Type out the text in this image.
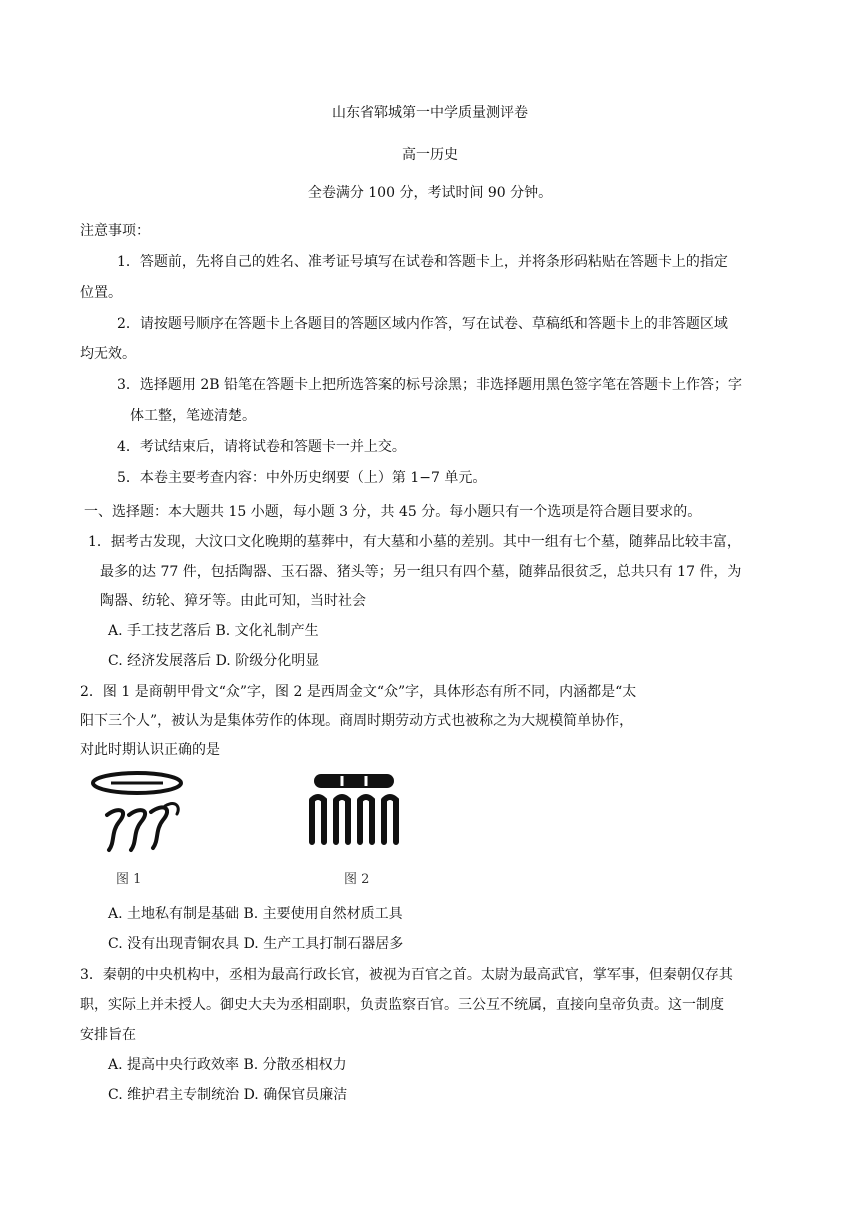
山东省郓城第一中学质量测评卷
高一历史
全卷满分 100 分，考试时间 90 分钟。
注意事项：
1．答题前，先将自己的姓名、准考证号填写在试卷和答题卡上，并将条形码粘贴在答题卡上的指定
位置。
2．请按题号顺序在答题卡上各题目的答题区域内作答，写在试卷、草稿纸和答题卡上的非答题区域
均无效。
3．选择题用 2B 铅笔在答题卡上把所选答案的标号涂黑；非选择题用黑色签字笔在答题卡上作答；字
体工整，笔迹清楚。
4．考试结束后，请将试卷和答题卡一并上交。
5．本卷主要考查内容：中外历史纲要（上）第 1−7 单元。
一、选择题：本大题共 15 小题，每小题 3 分，共 45 分。每小题只有一个选项是符合题目要求的。
1．据考古发现，大汶口文化晚期的墓葬中，有大墓和小墓的差别。其中一组有七个墓，随葬品比较丰富，
最多的达 77 件，包括陶器、玉石器、猪头等；另一组只有四个墓，随葬品很贫乏，总共只有 17 件，为
陶器、纺轮、獐牙等。由此可知，当时社会
A. 手工技艺落后 B. 文化礼制产生
C. 经济发展落后 D. 阶级分化明显
2．图 1 是商朝甲骨文“众”字，图 2 是西周金文“众”字，具体形态有所不同，内涵都是“太
阳下三个人”，被认为是集体劳作的体现。商周时期劳动方式也被称之为大规模简单协作，
对此时期认识正确的是
图 1	图 2
A. 土地私有制是基础 B. 主要使用自然材质工具
C. 没有出现青铜农具 D. 生产工具打制石器居多
3．秦朝的中央机构中，丞相为最高行政长官，被视为百官之首。太尉为最高武官，掌军事，但秦朝仅存其
职，实际上并未授人。御史大夫为丞相副职，负责监察百官。三公互不统属，直接向皇帝负责。这一制度
安排旨在
A. 提高中央行政效率 B. 分散丞相权力
C. 维护君主专制统治 D. 确保官员廉洁
